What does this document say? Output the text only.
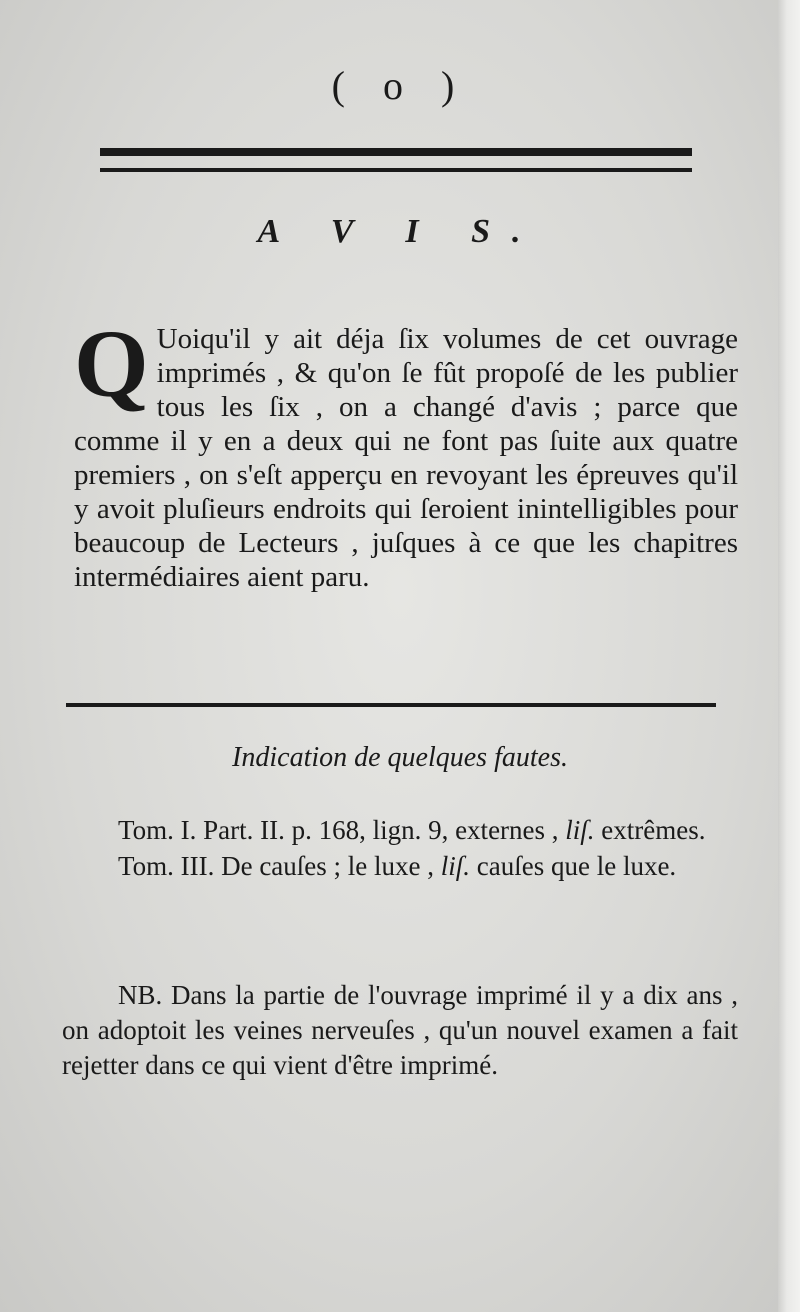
( o )
A V I S.
Q Uoiqu'il y ait déja ſix volumes de cet ouvrage imprimés , & qu'on ſe fût propoſé de les publier tous les ſix , on a changé d'avis ; parce que comme il y en a deux qui ne font pas ſuite aux quatre premiers , on s'eſt apperçu en revoyant les épreuves qu'il y avoit pluſieurs endroits qui ſeroient inintelligibles pour beaucoup de Lecteurs , juſques à ce que les chapitres intermédiaires aient paru.
Indication de quelques fautes.

Tom. I. Part. II. p. 168, lign. 9, externes , liſ. extrêmes.

Tom. III. De cauſes ; le luxe , liſ. cauſes que le luxe.

NB. Dans la partie de l'ouvrage imprimé il y a dix ans , on adoptoit les veines nerveuſes , qu'un nouvel examen a fait rejetter dans ce qui vient d'être imprimé.
